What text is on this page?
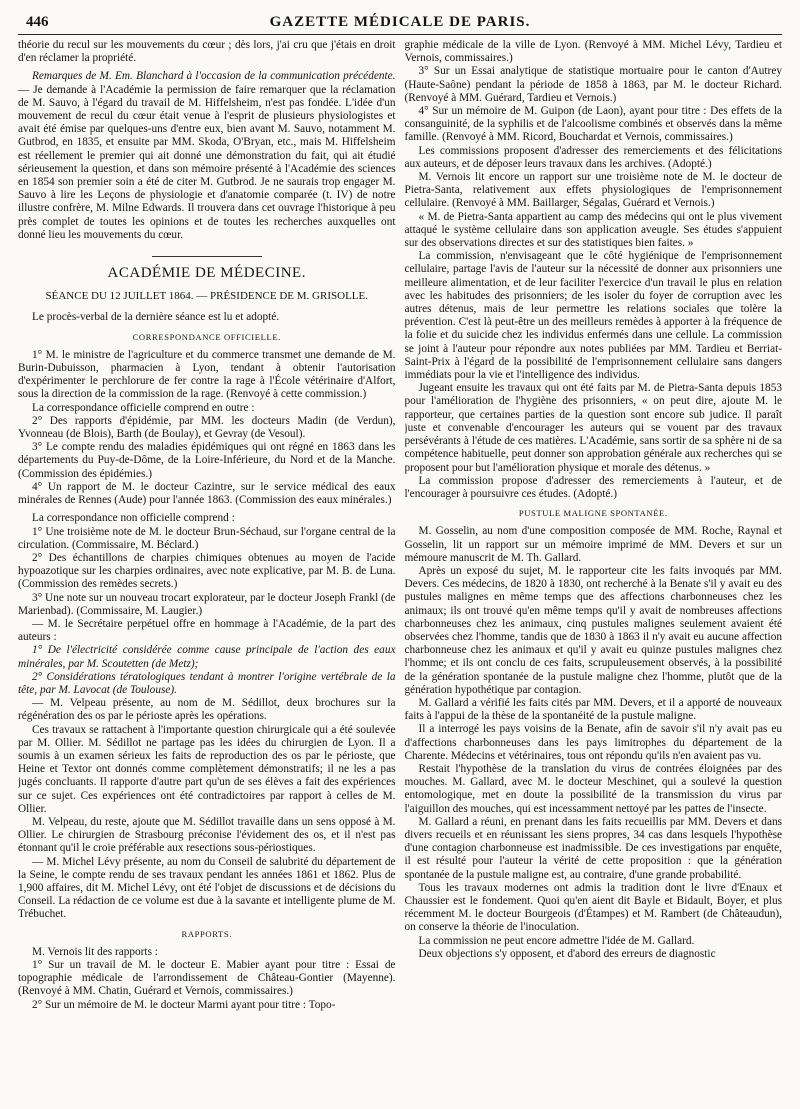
446	GAZETTE MÉDICALE DE PARIS.

théorie du recul sur les mouvements du cœur ; dès lors, j'ai cru que j'étais en droit d'en réclamer la propriété.

Remarques de M. Em. Blanchard à l'occasion de la communication précédente. — Je demande à l'Académie la permission de faire remarquer que la réclamation de M. Sauvo, à l'égard du travail de M. Hiffelsheim, n'est pas fondée. L'idée d'un mouvement de recul du cœur était venue à l'esprit de plusieurs physiologistes et avait été émise par quelques-uns d'entre eux, bien avant M. Sauvo, notamment M. Gutbrod, en 1835, et ensuite par MM. Skoda, O'Bryan, etc., mais M. Hiffelsheim est réellement le premier qui ait donné une démonstration du fait, qui ait étudié sérieusement la question, et dans son mémoire présenté à l'Académie des sciences en 1854 son premier soin a été de citer M. Gutbrod. Je ne saurais trop engager M. Sauvo à lire les Leçons de physiologie et d'anatomie comparée (t. IV) de notre illustre confrère, M. Milne Edwards. Il trouvera dans cet ouvrage l'historique à peu près complet de toutes les opinions et de toutes les recherches auxquelles ont donné lieu les mouvements du cœur.

ACADÉMIE DE MÉDECINE.
SÉANCE DU 12 JUILLET 1864. — PRÉSIDENCE DE M. GRISOLLE.

Le procès-verbal de la dernière séance est lu et adopté.

CORRESPONDANCE OFFICIELLE.

1° M. le ministre de l'agriculture et du commerce transmet une demande de M. Burin-Dubuisson, pharmacien à Lyon, tendant à obtenir l'autorisation d'expérimenter le perchlorure de fer contre la rage à l'École vétérinaire d'Alfort, sous la direction de la commission de la rage. (Renvoyé à cette commission.)

La correspondance officielle comprend en outre :

2° Des rapports d'épidémie, par MM. les docteurs Madin (de Verdun), Yvonneau (de Blois), Barth (de Boulay), et Gevray (de Vesoul).

3° Le compte rendu des maladies épidémiques qui ont régné en 1863 dans les départements du Puy-de-Dôme, de la Loire-Inférieure, du Nord et de la Manche. (Commission des épidémies.)

4° Un rapport de M. le docteur Cazintre, sur le service médical des eaux minérales de Rennes (Aude) pour l'année 1863. (Commission des eaux minérales.)

La correspondance non officielle comprend :

1° Une troisième note de M. le docteur Brun-Séchaud, sur l'organe central de la circulation. (Commissaire, M. Béclard.)

2° Des échantillons de charpies chimiques obtenues au moyen de l'acide hypoazotique sur les charpies ordinaires, avec note explicative, par M. B. de Luna. (Commission des remèdes secrets.)

3° Une note sur un nouveau trocart explorateur, par le docteur Joseph Frankl (de Marienbad). (Commissaire, M. Laugier.)

— M. le Secrétaire perpétuel offre en hommage à l'Académie, de la part des auteurs :

1° De l'électricité considérée comme cause principale de l'action des eaux minérales, par M. Scoutetten (de Metz);

2° Considérations tératologiques tendant à montrer l'origine vertébrale de la tête, par M. Lavocat (de Toulouse).

— M. Velpeau présente, au nom de M. Sédillot, deux brochures sur la régénération des os par le périoste après les opérations.

Ces travaux se rattachent à l'importante question chirurgicale qui a été soulevée par M. Ollier. M. Sédillot ne partage pas les idées du chirurgien de Lyon. Il a soumis à un examen sérieux les faits de reproduction des os par le périoste, que Heine et Textor ont donnés comme complètement démonstratifs; il ne les a pas jugés concluants. Il rapporte d'autre part qu'un de ses élèves a fait des expériences sur ce sujet. Ces expériences ont été contradictoires par rapport à celles de M. Ollier.

M. Velpeau, du reste, ajoute que M. Sédillot travaille dans un sens opposé à M. Ollier. Le chirurgien de Strasbourg préconise l'évidement des os, et il n'est pas étonnant qu'il le croie préférable aux resections sous-périostiques.

— M. Michel Lévy présente, au nom du Conseil de salubrité du département de la Seine, le compte rendu de ses travaux pendant les années 1861 et 1862. Plus de 1,900 affaires, dit M. Michel Lévy, ont été l'objet de discussions et de décisions du Conseil. La rédaction de ce volume est due à la savante et intelligente plume de M. Trébuchet.

RAPPORTS.

M. Vernois lit des rapports :

1° Sur un travail de M. le docteur E. Mabier ayant pour titre : Essai de topographie médicale de l'arrondissement de Château-Gontier (Mayenne). (Renvoyé à MM. Chatin, Guérard et Vernois, commissaires.)

2° Sur un mémoire de M. le docteur Marmi ayant pour titre : Topo-

graphie médicale de la ville de Lyon. (Renvoyé à MM. Michel Lévy, Tardieu et Vernois, commissaires.)

3° Sur un Essai analytique de statistique mortuaire pour le canton d'Autrey (Haute-Saône) pendant la période de 1858 à 1863, par M. le docteur Richard. (Renvoyé à MM. Guérard, Tardieu et Vernois.)

4° Sur un mémoire de M. Guipon (de Laon), ayant pour titre : Des effets de la consanguinité, de la syphilis et de l'alcoolisme combinés et observés dans la même famille. (Renvoyé à MM. Ricord, Bouchardat et Vernois, commissaires.)

Les commissions proposent d'adresser des remerciements et des félicitations aux auteurs, et de déposer leurs travaux dans les archives. (Adopté.)

M. Vernois lit encore un rapport sur une troisième note de M. le docteur de Pietra-Santa, relativement aux effets physiologiques de l'emprisonnement cellulaire. (Renvoyé à MM. Baillarger, Ségalas, Guérard et Vernois.)

« M. de Pietra-Santa appartient au camp des médecins qui ont le plus vivement attaqué le système cellulaire dans son application aveugle. Ses études s'appuient sur des observations directes et sur des statistiques bien faites. »

La commission, n'envisageant que le côté hygiénique de l'emprisonnement cellulaire, partage l'avis de l'auteur sur la nécessité de donner aux prisonniers une meilleure alimentation, et de leur faciliter l'exercice d'un travail le plus en relation avec les habitudes des prisonniers; de les isoler du foyer de corruption avec les autres détenus, mais de leur permettre les relations sociales que tolère la prévention. C'est là peut-être un des meilleurs remèdes à apporter à la fréquence de la folie et du suicide chez les individus enfermés dans une cellule. La commission se joint à l'auteur pour répondre aux notes publiées par MM. Tardieu et Berriat-Saint-Prix à l'égard de la possibilité de l'emprisonnement cellulaire sans dangers immédiats pour la vie et l'intelligence des individus.

Jugeant ensuite les travaux qui ont été faits par M. de Pietra-Santa depuis 1853 pour l'amélioration de l'hygiène des prisonniers, « on peut dire, ajoute M. le rapporteur, que certaines parties de la question sont encore sub judice. Il paraît juste et convenable d'encourager les auteurs qui se vouent par des travaux persévérants à l'étude de ces matières. L'Académie, sans sortir de sa sphère ni de sa compétence habituelle, peut donner son approbation générale aux recherches qui se proposent pour but l'amélioration physique et morale des détenus. »

La commission propose d'adresser des remerciements à l'auteur, et de l'encourager à poursuivre ces études. (Adopté.)

PUSTULE MALIGNE SPONTANÉE.

M. Gosselin, au nom d'une composition composée de MM. Roche, Raynal et Gosselin, lit un rapport sur un mémoire imprimé de MM. Devers et sur un mémoure manuscrit de M. Th. Gallard.

Après un exposé du sujet, M. le rapporteur cite les faits invoqués par MM. Devers. Ces médecins, de 1820 à 1830, ont recherché à la Benate s'il y avait eu des pustules malignes en même temps que des affections charbonneuses chez les animaux; ils ont trouvé qu'en même temps qu'il y avait de nombreuses affections charbonneuses chez les animaux, cinq pustules malignes seulement avaient été observées chez l'homme, tandis que de 1830 à 1863 il n'y avait eu aucune affection charbonneuse chez les animaux et qu'il y avait eu quinze pustules malignes chez l'homme; et ils ont conclu de ces faits, scrupuleusement observés, à la possibilité de la génération spontanée de la pustule maligne chez l'homme, plutôt que de la génération hypothétique par contagion.

M. Gallard a vérifié les faits cités par MM. Devers, et il a apporté de nouveaux faits à l'appui de la thèse de la spontanéité de la pustule maligne.

Il a interrogé les pays voisins de la Benate, afin de savoir s'il n'y avait pas eu d'affections charbonneuses dans les pays limitrophes du département de la Charente. Médecins et vétérinaires, tous ont répondu qu'ils n'en avaient pas vu.

Restait l'hypothèse de la translation du virus de contrées éloignées par des mouches. M. Gallard, avec M. le docteur Meschinet, qui a soulevé la question entomologique, met en doute la possibilité de la transmission du virus par l'aiguillon des mouches, qui est incessamment nettoyé par les pattes de l'insecte.

M. Gallard a réuni, en prenant dans les faits recueillis par MM. Devers et dans divers recueils et en réunissant les siens propres, 34 cas dans lesquels l'hypothèse d'une contagion charbonneuse est inadmissible. De ces investigations par enquête, il est résulté pour l'auteur la vérité de cette proposition : que la génération spontanée de la pustule maligne est, au contraire, d'une grande probabilité.

Tous les travaux modernes ont admis la tradition dont le livre d'Enaux et Chaussier est le fondement. Quoi qu'en aient dit Bayle et Bidault, Boyer, et plus récemment M. le docteur Bourgeois (d'Étampes) et M. Rambert (de Châteaudun), on conserve la théorie de l'inoculation.

La commission ne peut encore admettre l'idée de M. Gallard.

Deux objections s'y opposent, et d'abord des erreurs de diagnostic
